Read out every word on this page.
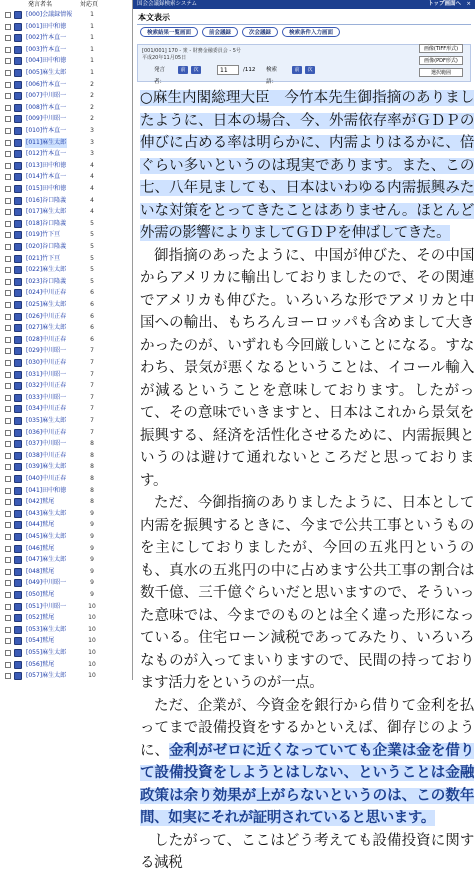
発言者名	対応頁
[000]会議録情報	1
[001]田中和徳	1
[002]竹本直一	1
[003]竹本直一	1
[004]田中和徳	1
[005]麻生太郎	1
[006]竹本直一	2
[007]中川昭一	2
[008]竹本直一	2
[009]中川昭一	2
[010]竹本直一	3
[011]麻生太郎	3
[012]竹本直一	3
[013]田中和徳	4
[014]竹本直一	4
[015]田中和徳	4
[016]谷口隆義	4
[017]麻生太郎	4
[018]谷口隆義	5
[019]竹下亘	5
[020]谷口隆義	5
[021]竹下亘	5
[022]麻生太郎	5
[023]谷口隆義	5
[024]中川正春	6
[025]麻生太郎	6
[026]中川正春	6
[027]麻生太郎	6
[028]中川正春	6
[029]中川昭一	7
[030]中川正春	7
[031]中川昭一	7
[032]中川正春	7
[033]中川昭一	7
[034]中川正春	7
[035]麻生太郎	7
[036]中川正春	7
[037]中川昭一	8
[038]中川正春	8
[039]麻生太郎	8
[040]中川正春	8
[041]田中和徳	8
[042]鷲尾	8
[043]麻生太郎	9
[044]鷲尾	9
[045]麻生太郎	9
[046]鷲尾	9
[047]麻生太郎	9
[048]鷲尾	9
[049]中川昭一	9
[050]鷲尾	9
[051]中川昭一	10
[052]鷲尾	10
[053]麻生太郎	10
[054]鷲尾	10
[055]麻生太郎	10
[056]鷲尾	10
[057]麻生太郎	10
国会会議録検索システム	トップ画面へ ×
本文表示
検索結果一覧画面	前会議録	次会議録	検索条件入力画面
[001/001] 170 - 衆 - 財務金融委員会 - 5号
平成20年11月05日
発言者：
前	次
11	/112 検索語：
前	次
画像(TIFF形式)
画像(PDF形式)
選択範囲

○麻生内閣総理大臣　今竹本先生御指摘のありましたように、日本の場合、今、外需依存率がＧＤＰの伸びに占める率は明らかに、内需よりはるかに、倍ぐらい多いというのは現実であります。また、この七、八年見ましても、日本はいわゆる内需振興みたいな対策をとってきたことはありません。ほとんど外需の影響によりましてＧＤＰを伸ばしてきた。

御指摘のあったように、中国が伸びた、その中国からアメリカに輸出しておりましたので、その関連でアメリカも伸びた。いろいろな形でアメリカと中国への輸出、もちろんヨーロッパも含めまして大きかったのが、いずれも今回厳しいことになる。すなわち、景気が悪くなるということは、イコール輸入が減るということを意味しております。したがって、その意味でいきますと、日本はこれから景気を振興する、経済を活性化させるために、内需振興というのは避けて通れないところだと思っております。

ただ、今御指摘のありましたように、日本として内需を振興するときに、今まで公共工事というものを主にしておりましたが、今回の五兆円というのも、真水の五兆円の中に占めます公共工事の割合は数千億、三千億ぐらいだと思いますので、そういった意味では、今までのものとは全く違った形になっている。住宅ローン減税であってみたり、いろいろなものが入ってまいりますので、民間の持っております活力をというのが一点。

ただ、企業が、今資金を銀行から借りて金利を払ってまで設備投資をするかといえば、御存じのように、金利がゼロに近くなっていても企業は金を借りて設備投資をしようとはしない、ということは金融政策は余り効果が上がらないというのは、この数年間、如実にそれが証明されていると思います。

したがって、ここはどう考えても設備投資に関する減税
